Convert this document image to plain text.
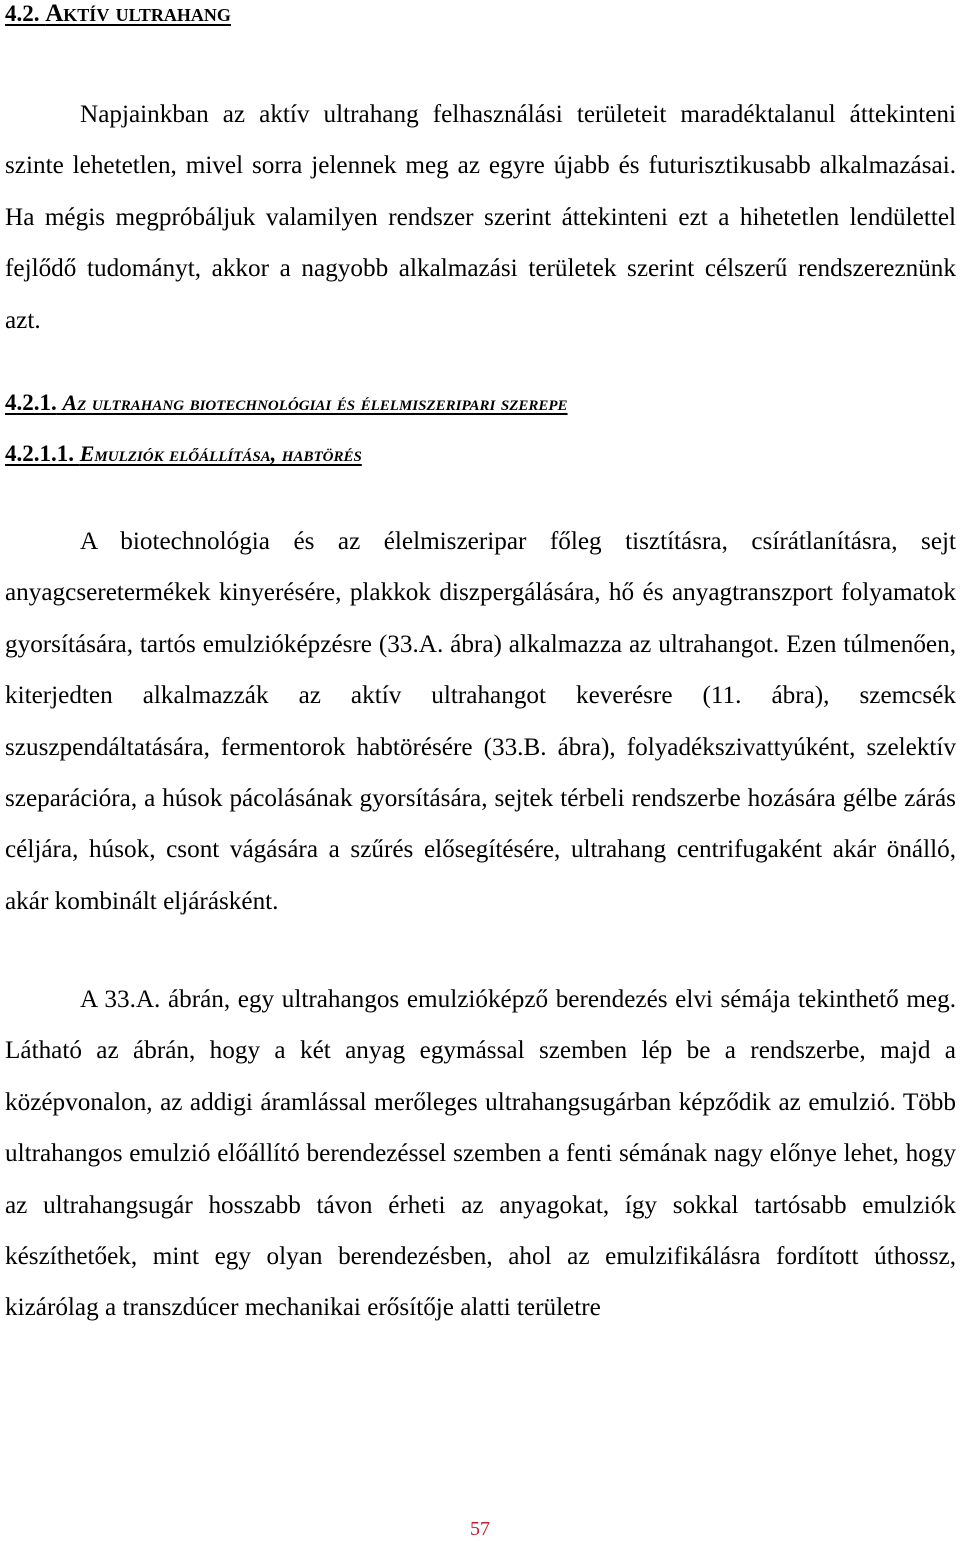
4.2. Aktív ultrahang

Napjainkban az aktív ultrahang felhasználási területeit maradéktalanul áttekinteni szinte lehetetlen, mivel sorra jelennek meg az egyre újabb és futurisztikusabb alkalmazásai. Ha mégis megpróbáljuk valamilyen rendszer szerint áttekinteni ezt a hihetetlen lendülettel fejlődő tudományt, akkor a nagyobb alkalmazási területek szerint célszerű rendszereznünk azt.

4.2.1. Az ultrahang biotechnológiai és élelmiszeripari szerepe
4.2.1.1. Emulziók előállítása, habtörés

A biotechnológia és az élelmiszeripar főleg tisztításra, csírátlanításra, sejt anyagcseretermékek kinyerésére, plakkok diszpergálására, hő és anyagtranszport folyamatok gyorsítására, tartós emulzióképzésre (33.A. ábra) alkalmazza az ultrahangot. Ezen túlmenően, kiterjedten alkalmazzák az aktív ultrahangot keverésre (11. ábra), szemcsék szuszpendáltatására, fermentorok habtörésére (33.B. ábra), folyadékszivattyúként, szelektív szeparációra, a húsok pácolásának gyorsítására, sejtek térbeli rendszerbe hozására gélbe zárás céljára, húsok, csont vágására a szűrés elősegítésére, ultrahang centrifugaként akár önálló, akár kombinált eljárásként.

A 33.A. ábrán, egy ultrahangos emulzióképző berendezés elvi sémája tekinthető meg. Látható az ábrán, hogy a két anyag egymással szemben lép be a rendszerbe, majd a középvonalon, az addigi áramlással merőleges ultrahangsugárban képződik az emulzió. Több ultrahangos emulzió előállító berendezéssel szemben a fenti sémának nagy előnye lehet, hogy az ultrahangsugár hosszabb távon érheti az anyagokat, így sokkal tartósabb emulziók készíthetőek, mint egy olyan berendezésben, ahol az emulzifikálásra fordított úthossz, kizárólag a transzdúcer mechanikai erősítője alatti területre

57
